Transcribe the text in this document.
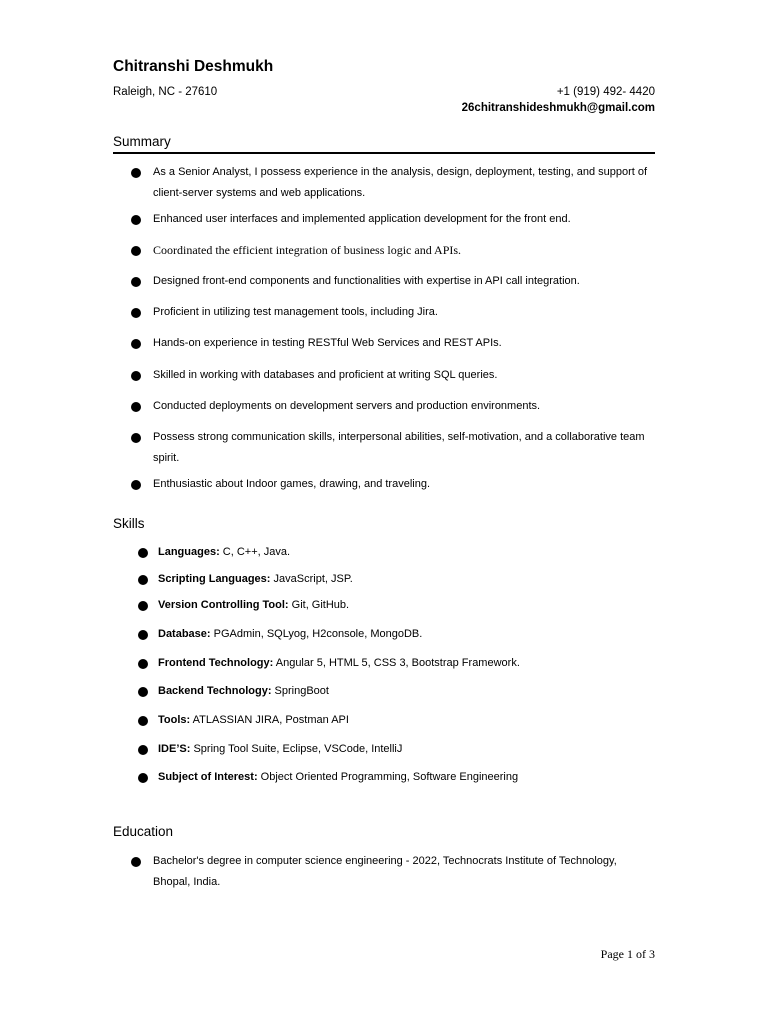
Chitranshi Deshmukh
Raleigh, NC - 27610	+1 (919) 492- 4420
26chitranshideshmukh@gmail.com
Summary
As a Senior Analyst, I possess experience in the analysis, design, deployment, testing, and support of client-server systems and web applications.
Enhanced user interfaces and implemented application development for the front end.
Coordinated the efficient integration of business logic and APIs.
Designed front-end components and functionalities with expertise in API call integration.
Proficient in utilizing test management tools, including Jira.
Hands-on experience in testing RESTful Web Services and REST APIs.
Skilled in working with databases and proficient at writing SQL queries.
Conducted deployments on development servers and production environments.
Possess strong communication skills, interpersonal abilities, self-motivation, and a collaborative team spirit.
Enthusiastic about Indoor games, drawing, and traveling.
Skills
Languages: C, C++, Java.
Scripting Languages: JavaScript, JSP.
Version Controlling Tool: Git, GitHub.
Database: PGAdmin, SQLyog, H2console, MongoDB.
Frontend Technology: Angular 5, HTML 5, CSS 3, Bootstrap Framework.
Backend Technology: SpringBoot
Tools: ATLASSIAN JIRA, Postman API
IDE’S: Spring Tool Suite, Eclipse, VSCode, IntelliJ
Subject of Interest: Object Oriented Programming, Software Engineering
Education
Bachelor's degree in computer science engineering - 2022, Technocrats Institute of Technology, Bhopal, India.
Page 1 of 3
